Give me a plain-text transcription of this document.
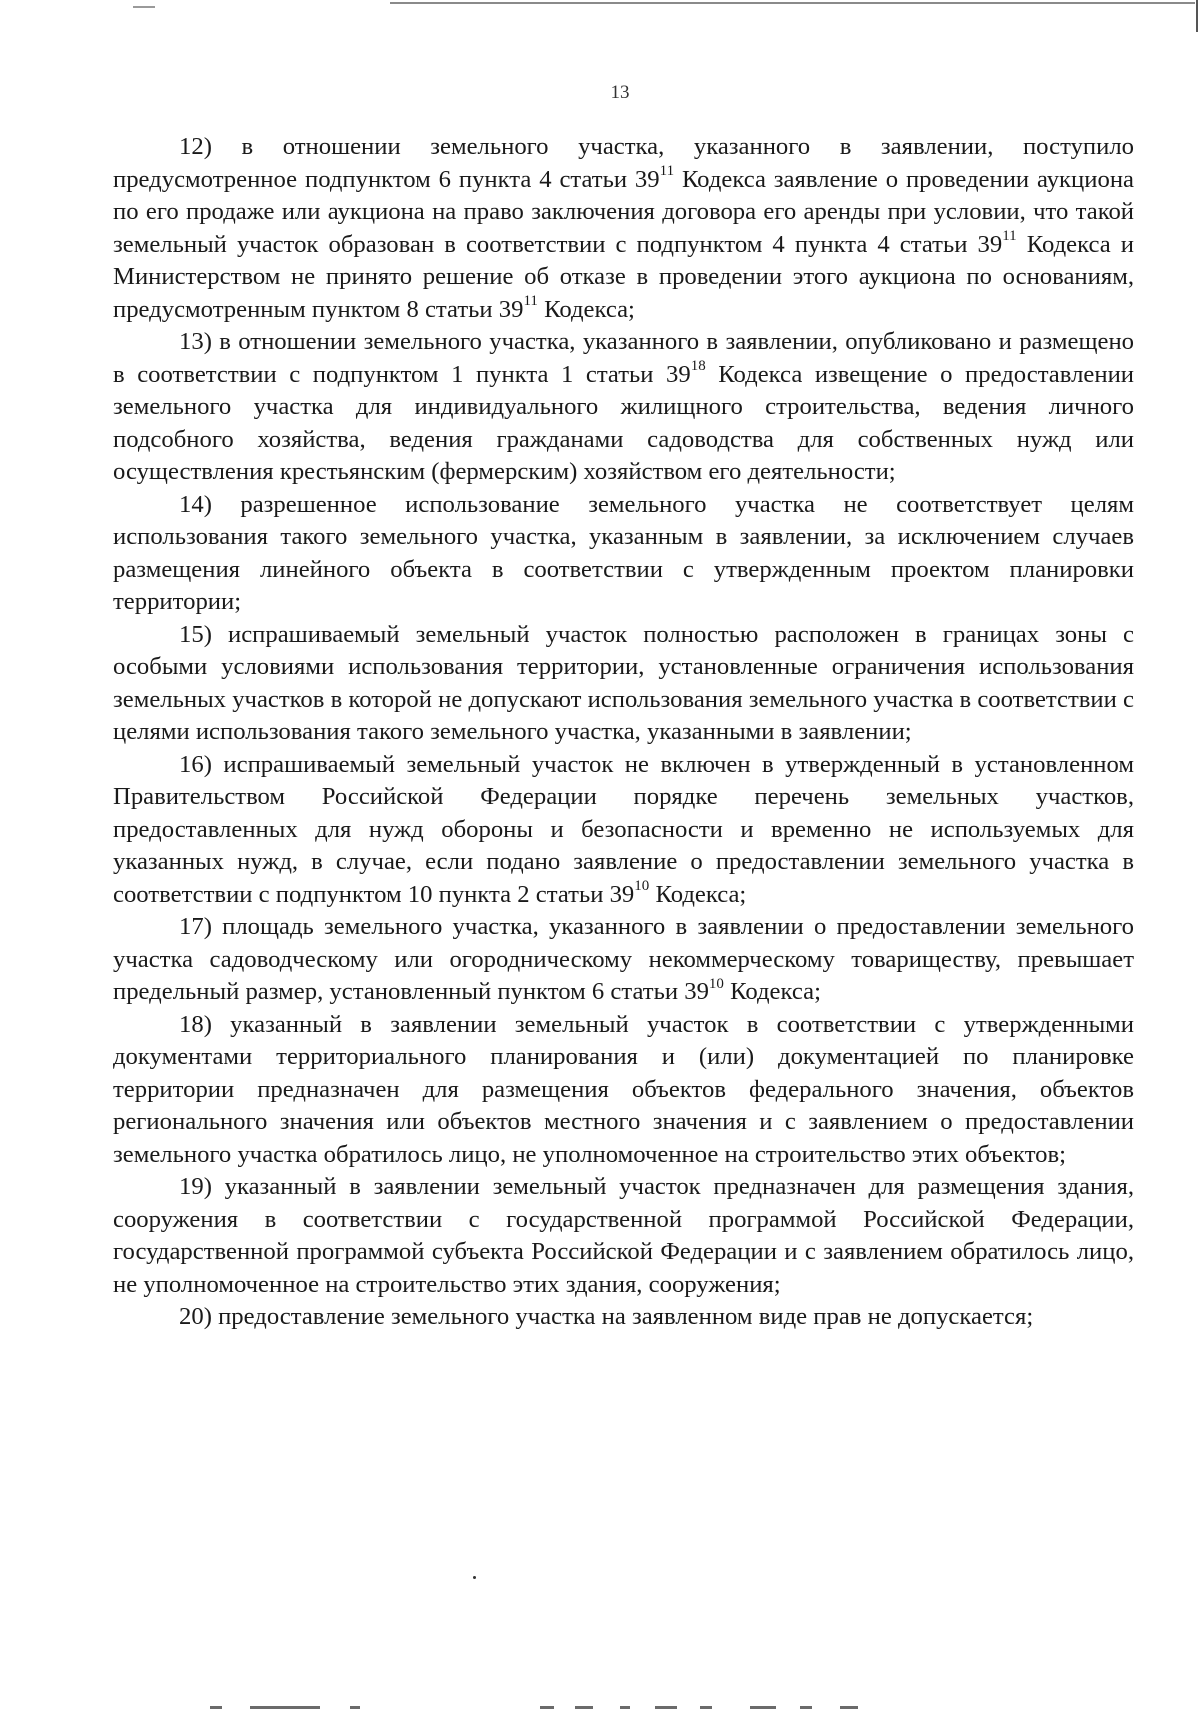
13

12) в отношении земельного участка, указанного в заявлении, поступило предусмотренное подпунктом 6 пункта 4 статьи $39^{11}$ Кодекса заявление о проведении аукциона по его продаже или аукциона на право заключения договора его аренды при условии, что такой земельный участок образован в соответствии с подпунктом 4 пункта 4 статьи $39^{11}$ Кодекса и Министерством не принято решение об отказе в проведении этого аукциона по основаниям, предусмотренным пунктом 8 статьи $39^{11}$ Кодекса;

13) в отношении земельного участка, указанного в заявлении, опубликовано и размещено в соответствии с подпунктом 1 пункта 1 статьи $39^{18}$ Кодекса извещение о предоставлении земельного участка для индивидуального жилищного строительства, ведения личного подсобного хозяйства, ведения гражданами садоводства для собственных нужд или осуществления крестьянским (фермерским) хозяйством его деятельности;

14) разрешенное использование земельного участка не соответствует целям использования такого земельного участка, указанным в заявлении, за исключением случаев размещения линейного объекта в соответствии с утвержденным проектом планировки территории;

15) испрашиваемый земельный участок полностью расположен в границах зоны с особыми условиями использования территории, установленные ограничения использования земельных участков в которой не допускают использования земельного участка в соответствии с целями использования такого земельного участка, указанными в заявлении;

16) испрашиваемый земельный участок не включен в утвержденный в установленном Правительством Российской Федерации порядке перечень земельных участков, предоставленных для нужд обороны и безопасности и временно не используемых для указанных нужд, в случае, если подано заявление о предоставлении земельного участка в соответствии с подпунктом 10 пункта 2 статьи $39^{10}$ Кодекса;

17) площадь земельного участка, указанного в заявлении о предоставлении земельного участка садоводческому или огородническому некоммерческому товариществу, превышает предельный размер, установленный пунктом 6 статьи $39^{10}$ Кодекса;

18) указанный в заявлении земельный участок в соответствии с утвержденными документами территориального планирования и (или) документацией по планировке территории предназначен для размещения объектов федерального значения, объектов регионального значения или объектов местного значения и с заявлением о предоставлении земельного участка обратилось лицо, не уполномоченное на строительство этих объектов;

19) указанный в заявлении земельный участок предназначен для размещения здания, сооружения в соответствии с государственной программой Российской Федерации, государственной программой субъекта Российской Федерации и с заявлением обратилось лицо, не уполномоченное на строительство этих здания, сооружения;

20) предоставление земельного участка на заявленном виде прав не допускается;
